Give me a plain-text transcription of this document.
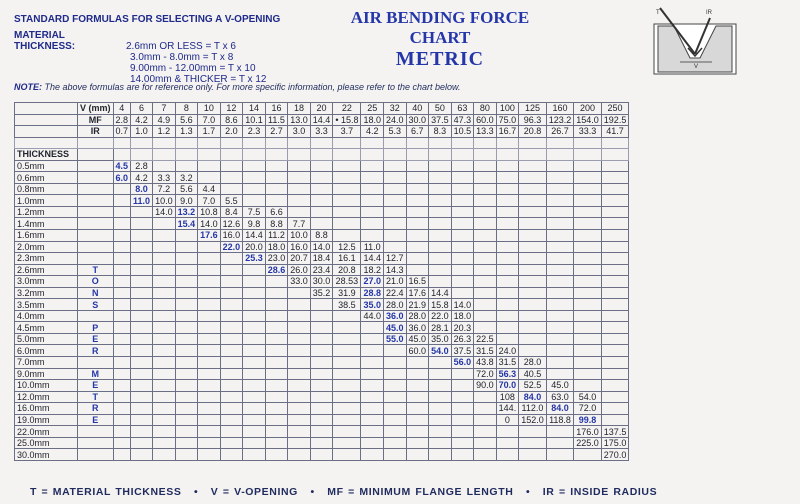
STANDARD FORMULAS FOR SELECTING A V-OPENING
MATERIAL THICKNESS:	2.6mm OR LESS = T x 6
3.0mm - 8.0mm = T x 8
9.00mm - 12.00mm = T x 10
14.00mm & THICKER = T x 12
AIR BENDING FORCE CHART
METRIC
T	IR
V
NOTE: The above formulas are for reference only. For more specific information, please refer to the chart below.
	V (mm)	4	6	7	8	10	12	14	16	18	20	22	25	32	40	50	63	80	100	125	160	200	250
	MF	2.8	4.2	4.9	5.6	7.0	8.6	10.1	11.5	13.0	14.4	• 15.8	18.0	24.0	30.0	37.5	47.3	60.0	75.0	96.3	123.2	154.0	192.5
	IR	0.7	1.0	1.2	1.3	1.7	2.0	2.3	2.7	3.0	3.3	3.7	4.2	5.3	6.7	8.3	10.5	13.3	16.7	20.8	26.7	33.3	41.7

THICKNESS																							
0.5mm		4.5	2.8																				
0.6mm		6.0	4.2	3.3	3.2																		
0.8mm			8.0	7.2	5.6	4.4																	
1.0mm			11.0	10.0	9.0	7.0	5.5																
1.2mm				14.0	13.2	10.8	8.4	7.5	6.6														
1.4mm					15.4	14.0	12.6	9.8	8.8	7.7													
1.6mm						17.6	16.0	14.4	11.2	10.0	8.8												
2.0mm							22.0	20.0	18.0	16.0	14.0	12.5	11.0										
2.3mm								25.3	23.0	20.7	18.4	16.1	14.4	12.7									
2.6mm	T								28.6	26.0	23.4	20.8	18.2	14.3									
3.0mm	O									33.0	30.0	28.53	27.0	21.0	16.5								
3.2mm	N										35.2	31.9	28.8	22.4	17.6	14.4							
3.5mm	S											38.5	35.0	28.0	21.9	15.8	14.0						
4.0mm													44.0	36.0	28.0	22.0	18.0						
4.5mm	P													45.0	36.0	28.1	20.3						
5.0mm	E													55.0	45.0	35.0	26.3	22.5					
6.0mm	R														60.0	54.0	37.5	31.5	24.0				
7.0mm																	56.0	43.8	31.5	28.0			
9.0mm	M																	72.0	56.3	40.5			
10.0mm	E																	90.0	70.0	52.5	45.0		
12.0mm	T																		108	84.0	63.0	54.0	
16.0mm	R																		144.	112.0	84.0	72.0	
19.0mm	E																		0	152.0	118.8	99.8	
22.0mm																						176.0	137.5
25.0mm																						225.0	175.0
30.0mm																							270.0
T = MATERIAL THICKNESS • V = V-OPENING • MF = MINIMUM FLANGE LENGTH • IR = INSIDE RADIUS
